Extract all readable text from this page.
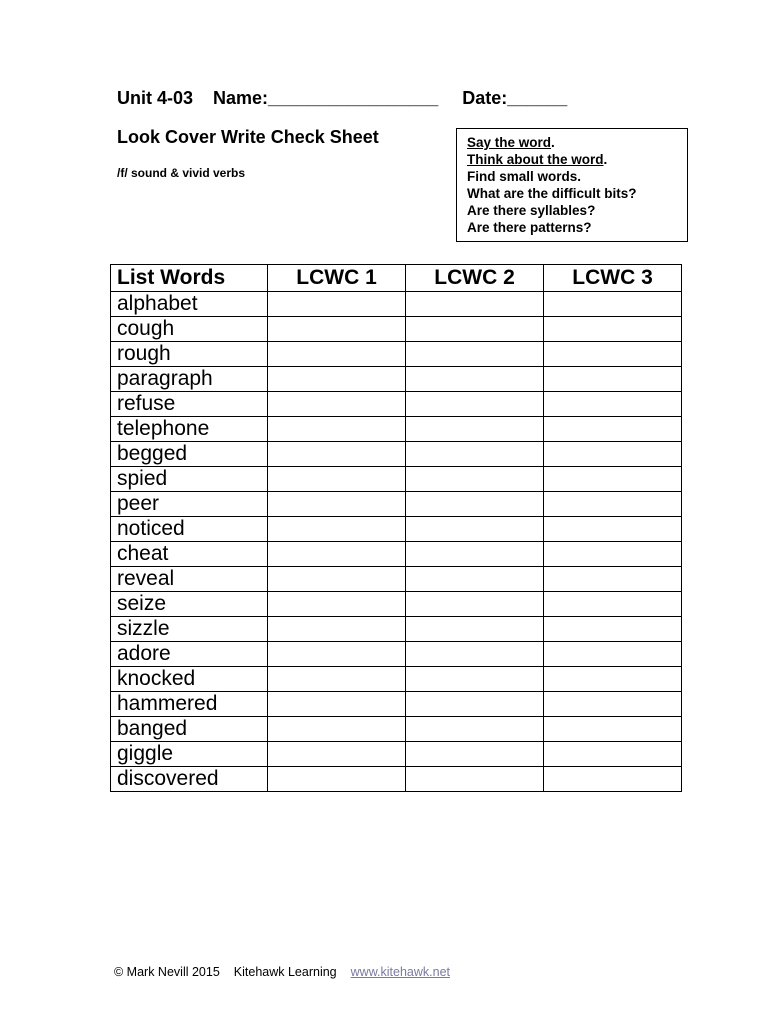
Unit 4-03 Name:_________________ Date:______
Look Cover Write Check Sheet
/f/ sound & vivid verbs
Say the word.
Think about the word.
Find small words.
What are the difficult bits?
Are there syllables?
Are there patterns?
List Words	LCWC 1	LCWC 2	LCWC 3
alphabet			
cough			
rough			
paragraph			
refuse			
telephone			
begged			
spied			
peer			
noticed			
cheat			
reveal			
seize			
sizzle			
adore			
knocked			
hammered			
banged			
giggle			
discovered			
© Mark Nevill 2015 Kitehawk Learning www.kitehawk.net
